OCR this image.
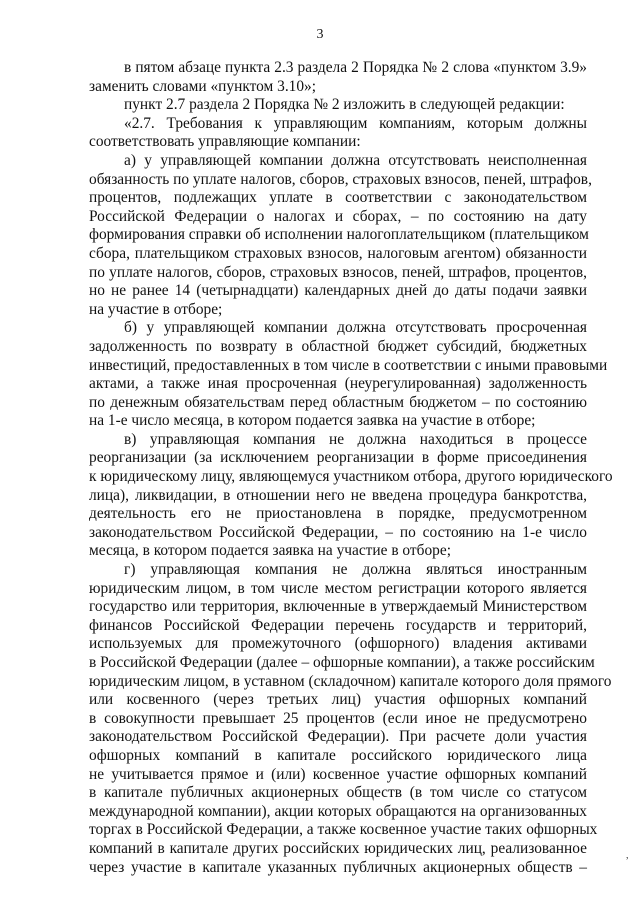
3
в пятом абзаце пункта 2.3 раздела 2 Порядка № 2 слова «пунктом 3.9»
заменить словами «пунктом 3.10»;
пункт 2.7 раздела 2 Порядка № 2 изложить в следующей редакции:
«2.7. Требования к управляющим компаниям, которым должны
соответствовать управляющие компании:
а) у управляющей компании должна отсутствовать неисполненная
обязанность по уплате налогов, сборов, страховых взносов, пеней, штрафов,
процентов, подлежащих уплате в соответствии с законодательством
Российской Федерации о налогах и сборах, – по состоянию на дату
формирования справки об исполнении налогоплательщиком (плательщиком
сбора, плательщиком страховых взносов, налоговым агентом) обязанности
по уплате налогов, сборов, страховых взносов, пеней, штрафов, процентов,
но не ранее 14 (четырнадцати) календарных дней до даты подачи заявки
на участие в отборе;
б) у управляющей компании должна отсутствовать просроченная
задолженность по возврату в областной бюджет субсидий, бюджетных
инвестиций, предоставленных в том числе в соответствии с иными правовыми
актами, а также иная просроченная (неурегулированная) задолженность
по денежным обязательствам перед областным бюджетом – по состоянию
на 1-е число месяца, в котором подается заявка на участие в отборе;
в) управляющая компания не должна находиться в процессе
реорганизации (за исключением реорганизации в форме присоединения
к юридическому лицу, являющемуся участником отбора, другого юридического
лица), ликвидации, в отношении него не введена процедура банкротства,
деятельность его не приостановлена в порядке, предусмотренном
законодательством Российской Федерации, – по состоянию на 1-е число
месяца, в котором подается заявка на участие в отборе;
г) управляющая компания не должна являться иностранным
юридическим лицом, в том числе местом регистрации которого является
государство или территория, включенные в утверждаемый Министерством
финансов Российской Федерации перечень государств и территорий,
используемых для промежуточного (офшорного) владения активами
в Российской Федерации (далее – офшорные компании), а также российским
юридическим лицом, в уставном (складочном) капитале которого доля прямого
или косвенного (через третьих лиц) участия офшорных компаний
в совокупности превышает 25 процентов (если иное не предусмотрено
законодательством Российской Федерации). При расчете доли участия
офшорных компаний в капитале российского юридического лица
не учитывается прямое и (или) косвенное участие офшорных компаний
в капитале публичных акционерных обществ (в том числе со статусом
международной компании), акции которых обращаются на организованных
торгах в Российской Федерации, а также косвенное участие таких офшорных
компаний в капитале других российских юридических лиц, реализованное
через участие в капитале указанных публичных акционерных обществ –
,
